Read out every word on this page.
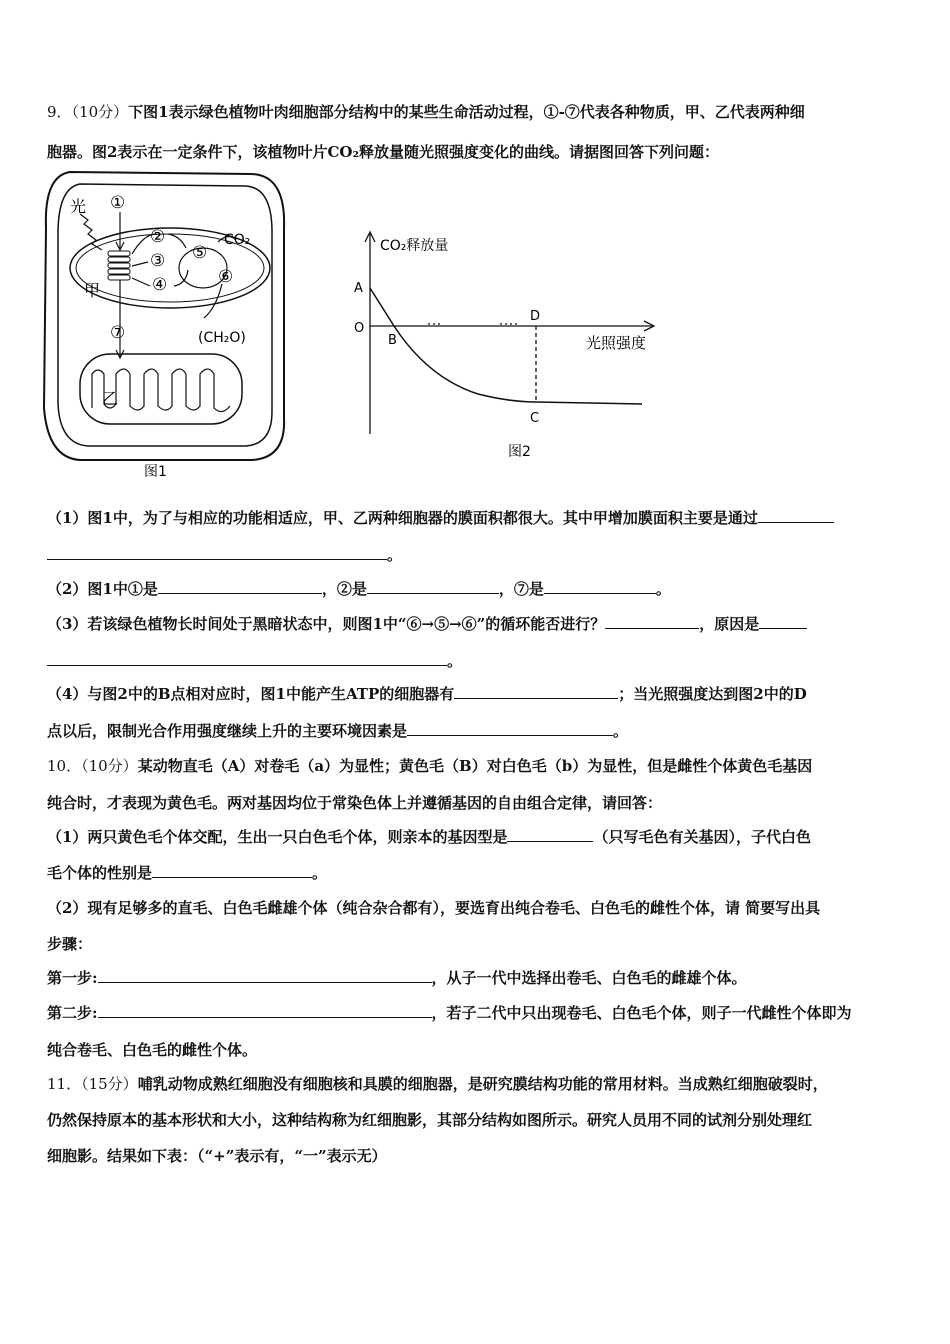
9．（10分）下图1表示绿色植物叶肉细胞部分结构中的某些生命活动过程，①-⑦代表各种物质，甲、乙代表两种细
胞器。图2表示在一定条件下，该植物叶片CO₂释放量随光照强度变化的曲线。请据图回答下列问题：
光
甲
乙
①
②
③
④
⑤
⑥
⑦
CO₂
(CH₂O)
图1
CO₂释放量
光照强度
O
A
B
C
D
图2
（1）图1中，为了与相应的功能相适应，甲、乙两种细胞器的膜面积都很大。其中甲增加膜面积主要是通过
。
（2）图1中①是	，②是	，⑦是	。
（3）若该绿色植物长时间处于黑暗状态中，则图1中“⑥→⑤→⑥”的循环能否进行？	，原因是
。
（4）与图2中的B点相对应时，图1中能产生ATP的细胞器有	；当光照强度达到图2中的D
点以后，限制光合作用强度继续上升的主要环境因素是	。
10．（10分）某动物直毛（A）对卷毛（a）为显性；黄色毛（B）对白色毛（b）为显性，但是雌性个体黄色毛基因
纯合时，才表现为黄色毛。两对基因均位于常染色体上并遵循基因的自由组合定律，请回答：
（1）两只黄色毛个体交配，生出一只白色毛个体，则亲本的基因型是	（只写毛色有关基因），子代白色
毛个体的性别是	。
（2）现有足够多的直毛、白色毛雌雄个体（纯合杂合都有），要选育出纯合卷毛、白色毛的雌性个体，请 简要写出具
步骤：
第一步:	，从子一代中选择出卷毛、白色毛的雌雄个体。
第二步:	，若子二代中只出现卷毛、白色毛个体，则子一代雌性个体即为
纯合卷毛、白色毛的雌性个体。
11．（15分）哺乳动物成熟红细胞没有细胞核和具膜的细胞器，是研究膜结构功能的常用材料。当成熟红细胞破裂时，
仍然保持原本的基本形状和大小，这种结构称为红细胞影，其部分结构如图所示。研究人员用不同的试剂分别处理红
细胞影。结果如下表：（“+”表示有，“一”表示无）
